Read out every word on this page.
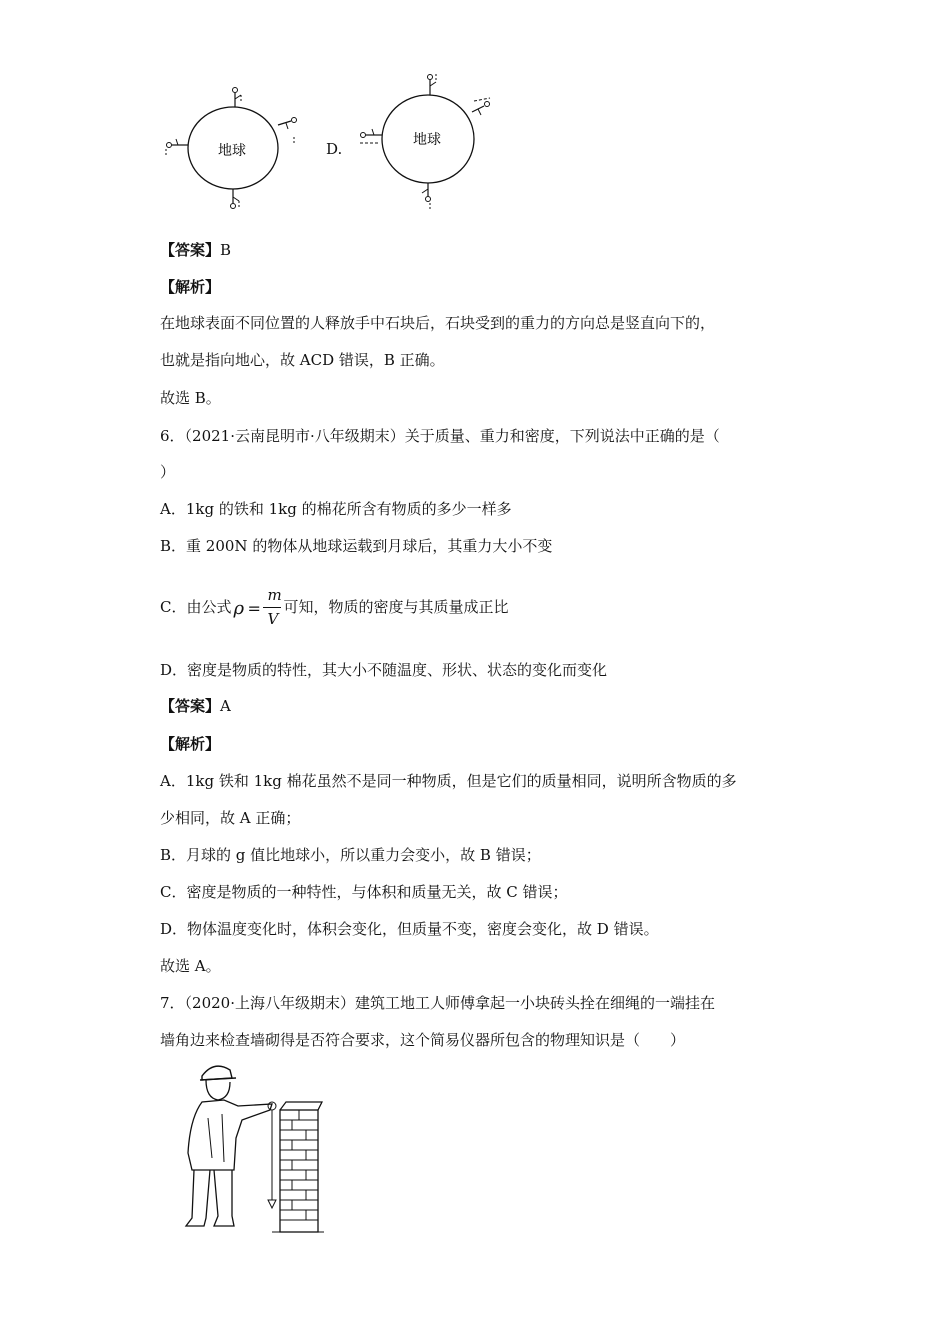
地球	D.	地球
【答案】B
【解析】
在地球表面不同位置的人释放手中石块后，石块受到的重力的方向总是竖直向下的，
也就是指向地心，故 ACD 错误，B 正确。
故选 B。
6．（2021·云南昆明市·八年级期末）关于质量、重力和密度，下列说法中正确的是（
）
A．1kg 的铁和 1kg 的棉花所含有物质的多少一样多
B．重 200N 的物体从地球运载到月球后，其重力大小不变
C．由公式 ρ =
m
V
可知，物质的密度与其质量成正比
D．密度是物质的特性，其大小不随温度、形状、状态的变化而变化
【答案】A
【解析】
A．1kg 铁和 1kg 棉花虽然不是同一种物质，但是它们的质量相同，说明所含物质的多
少相同，故 A 正确；
B．月球的 g 值比地球小，所以重力会变小，故 B 错误；
C．密度是物质的一种特性，与体积和质量无关，故 C 错误；
D．物体温度变化时，体积会变化，但质量不变，密度会变化，故 D 错误。
故选 A。
7．（2020·上海八年级期末）建筑工地工人师傅拿起一小块砖头拴在细绳的一端挂在
墙角边来检查墙砌得是否符合要求，这个简易仪器所包含的物理知识是（　　）
